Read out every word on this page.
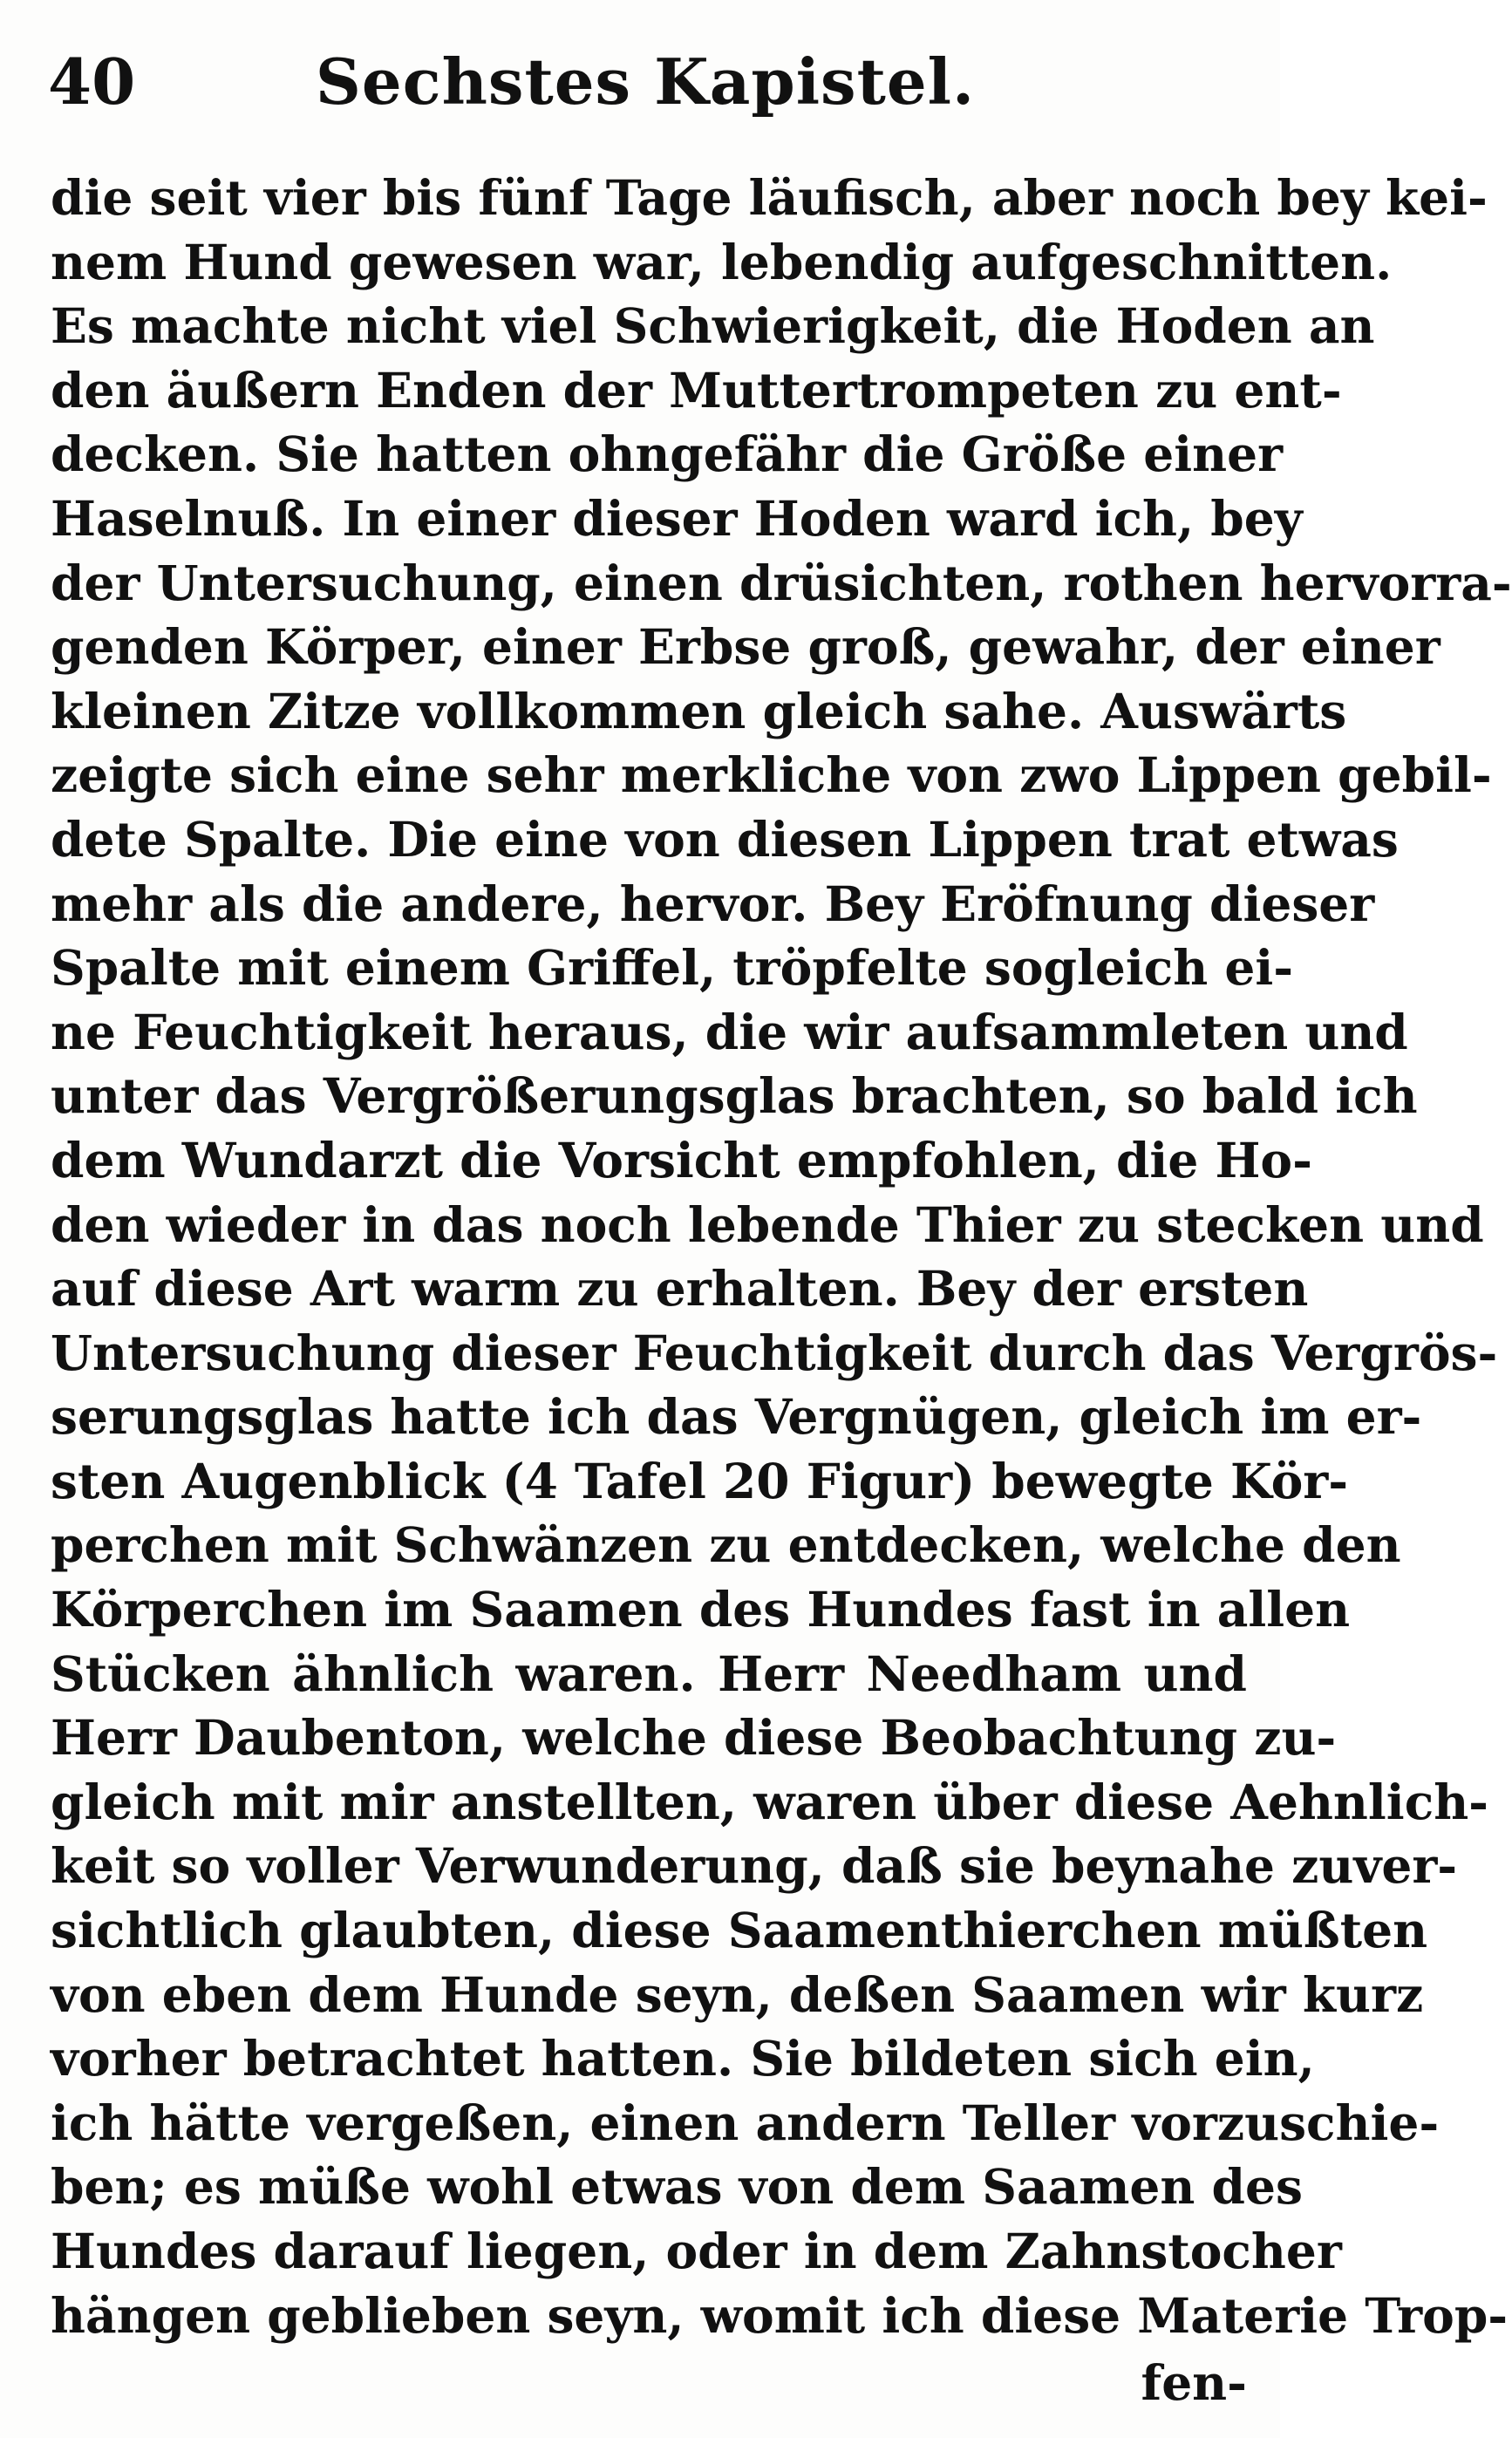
40	Sechstes Kapistel.
die seit vier bis fünf Tage läufisch, aber noch bey kei-
nem Hund gewesen war, lebendig aufgeschnitten.
Es machte nicht viel Schwierigkeit, die Hoden an
den äußern Enden der Muttertrompeten zu ent-
decken. Sie hatten ohngefähr die Größe einer
Haselnuß. In einer dieser Hoden ward ich, bey
der Untersuchung, einen drüsichten, rothen hervorra-
genden Körper, einer Erbse groß, gewahr, der einer
kleinen Zitze vollkommen gleich sahe. Auswärts
zeigte sich eine sehr merkliche von zwo Lippen gebil-
dete Spalte. Die eine von diesen Lippen trat etwas
mehr als die andere, hervor. Bey Eröfnung dieser
Spalte mit einem Griffel, tröpfelte sogleich ei-
ne Feuchtigkeit heraus, die wir aufsammleten und
unter das Vergrößerungsglas brachten, so bald ich
dem Wundarzt die Vorsicht empfohlen, die Ho-
den wieder in das noch lebende Thier zu stecken und
auf diese Art warm zu erhalten. Bey der ersten
Untersuchung dieser Feuchtigkeit durch das Vergrös-
serungsglas hatte ich das Vergnügen, gleich im er-
sten Augenblick (4 Tafel 20 Figur) bewegte Kör-
perchen mit Schwänzen zu entdecken, welche den
Körperchen im Saamen des Hundes fast in allen
Stücken ähnlich waren. Herr Needham und
Herr Daubenton, welche diese Beobachtung zu-
gleich mit mir anstellten, waren über diese Aehnlich-
keit so voller Verwunderung, daß sie beynahe zuver-
sichtlich glaubten, diese Saamenthierchen müßten
von eben dem Hunde seyn, deßen Saamen wir kurz
vorher betrachtet hatten. Sie bildeten sich ein,
ich hätte vergeßen, einen andern Teller vorzuschie-
ben; es müße wohl etwas von dem Saamen des
Hundes darauf liegen, oder in dem Zahnstocher
hängen geblieben seyn, womit ich diese Materie Trop-
fen-
